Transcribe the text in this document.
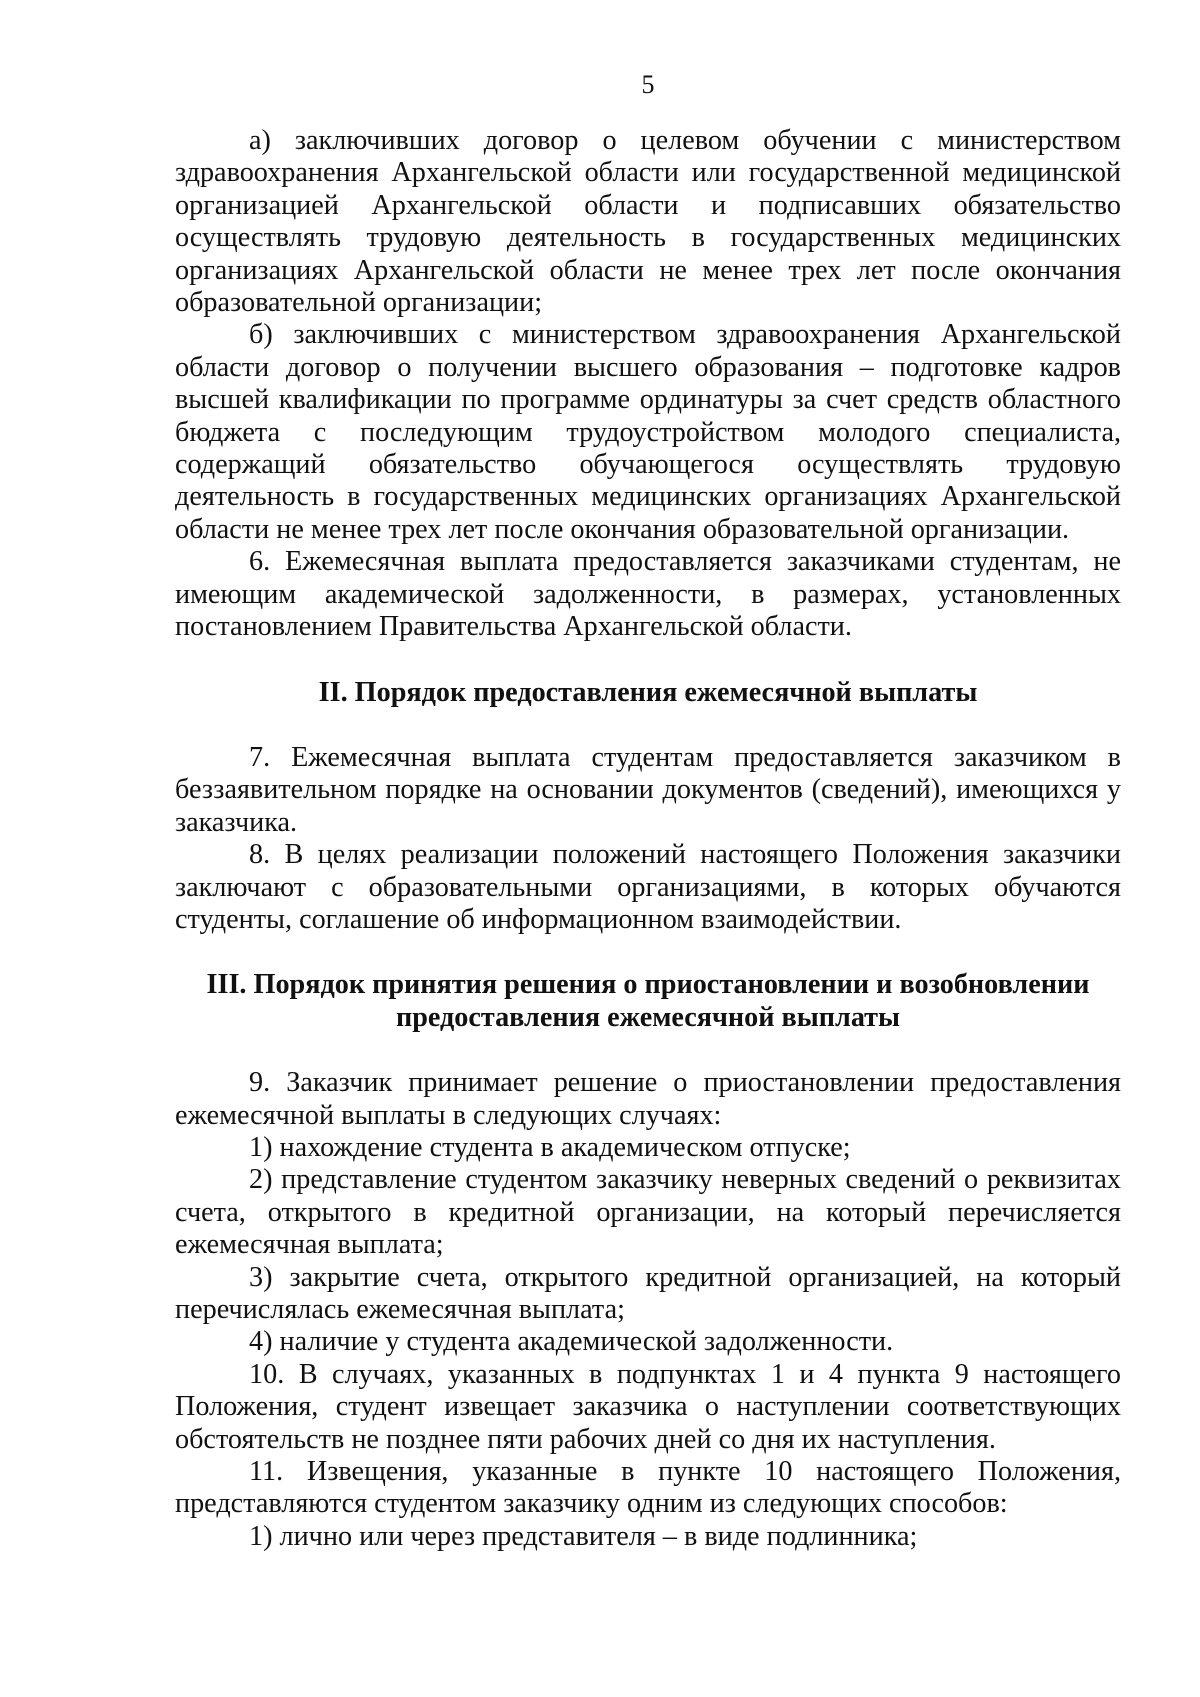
5

а) заключивших договор о целевом обучении с министерством здравоохранения Архангельской области или государственной медицинской организацией Архангельской области и подписавших обязательство осуществлять трудовую деятельность в государственных медицинских организациях Архангельской области не менее трех лет после окончания образовательной организации;

б) заключивших с министерством здравоохранения Архангельской области договор о получении высшего образования – подготовке кадров высшей квалификации по программе ординатуры за счет средств областного бюджета с последующим трудоустройством молодого специалиста, содержащий обязательство обучающегося осуществлять трудовую деятельность в государственных медицинских организациях Архангельской области не менее трех лет после окончания образовательной организации.

6. Ежемесячная выплата предоставляется заказчиками студентам, не имеющим академической задолженности, в размерах, установленных постановлением Правительства Архангельской области.

II. Порядок предоставления ежемесячной выплаты

7. Ежемесячная выплата студентам предоставляется заказчиком в беззаявительном порядке на основании документов (сведений), имеющихся у заказчика.

8. В целях реализации положений настоящего Положения заказчики заключают с образовательными организациями, в которых обучаются студенты, соглашение об информационном взаимодействии.

III. Порядок принятия решения о приостановлении и возобновлении
предоставления ежемесячной выплаты

9. Заказчик принимает решение о приостановлении предоставления ежемесячной выплаты в следующих случаях:

1) нахождение студента в академическом отпуске;

2) представление студентом заказчику неверных сведений о реквизитах счета, открытого в кредитной организации, на который перечисляется ежемесячная выплата;

3) закрытие счета, открытого кредитной организацией, на который перечислялась ежемесячная выплата;

4) наличие у студента академической задолженности.

10. В случаях, указанных в подпунктах 1 и 4 пункта 9 настоящего Положения, студент извещает заказчика о наступлении соответствующих обстоятельств не позднее пяти рабочих дней со дня их наступления.

11. Извещения, указанные в пункте 10 настоящего Положения, представляются студентом заказчику одним из следующих способов:

1) лично или через представителя – в виде подлинника;
